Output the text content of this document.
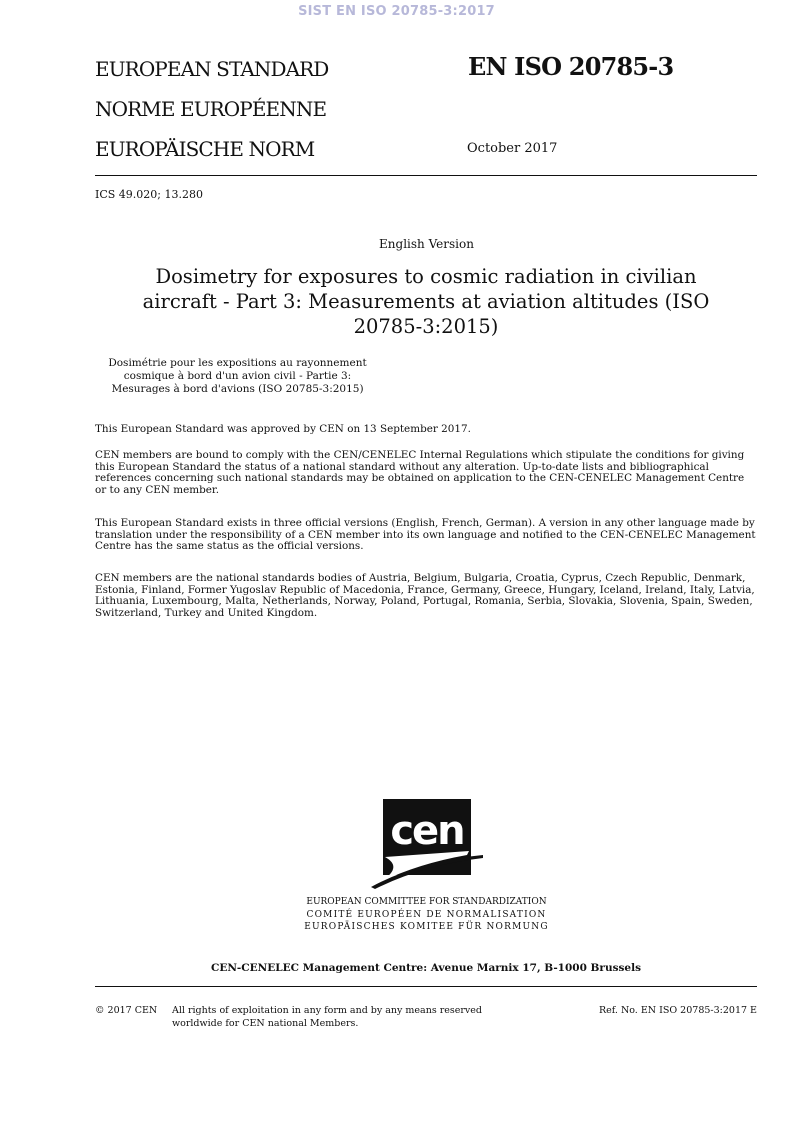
SIST EN ISO 20785-3:2017
EUROPEAN STANDARD
NORME EUROPÉENNE
EUROPÄISCHE NORM
EN ISO 20785-3
October 2017
ICS 49.020; 13.280
English Version
Dosimetry for exposures to cosmic radiation in civilian aircraft - Part 3: Measurements at aviation altitudes (ISO 20785-3:2015)
Dosimétrie pour les expositions au rayonnement cosmique à bord d'un avion civil - Partie 3: Mesurages à bord d'avions (ISO 20785-3:2015)
This European Standard was approved by CEN on 13 September 2017.
CEN members are bound to comply with the CEN/CENELEC Internal Regulations which stipulate the conditions for giving this European Standard the status of a national standard without any alteration. Up-to-date lists and bibliographical references concerning such national standards may be obtained on application to the CEN-CENELEC Management Centre or to any CEN member.
This European Standard exists in three official versions (English, French, German). A version in any other language made by translation under the responsibility of a CEN member into its own language and notified to the CEN-CENELEC Management Centre has the same status as the official versions.
CEN members are the national standards bodies of Austria, Belgium, Bulgaria, Croatia, Cyprus, Czech Republic, Denmark, Estonia, Finland, Former Yugoslav Republic of Macedonia, France, Germany, Greece, Hungary, Iceland, Ireland, Italy, Latvia, Lithuania, Luxembourg, Malta, Netherlands, Norway, Poland, Portugal, Romania, Serbia, Slovakia, Slovenia, Spain, Sweden, Switzerland, Turkey and United Kingdom.
cen
EUROPEAN COMMITTEE FOR STANDARDIZATION
COMITÉ EUROPÉEN DE NORMALISATION
EUROPÄISCHES KOMITEE FÜR NORMUNG
CEN-CENELEC Management Centre: Avenue Marnix 17, B-1000 Brussels
© 2017 CEN All rights of exploitation in any form and by any means reserved worldwide for CEN national Members.
Ref. No. EN ISO 20785-3:2017 E
